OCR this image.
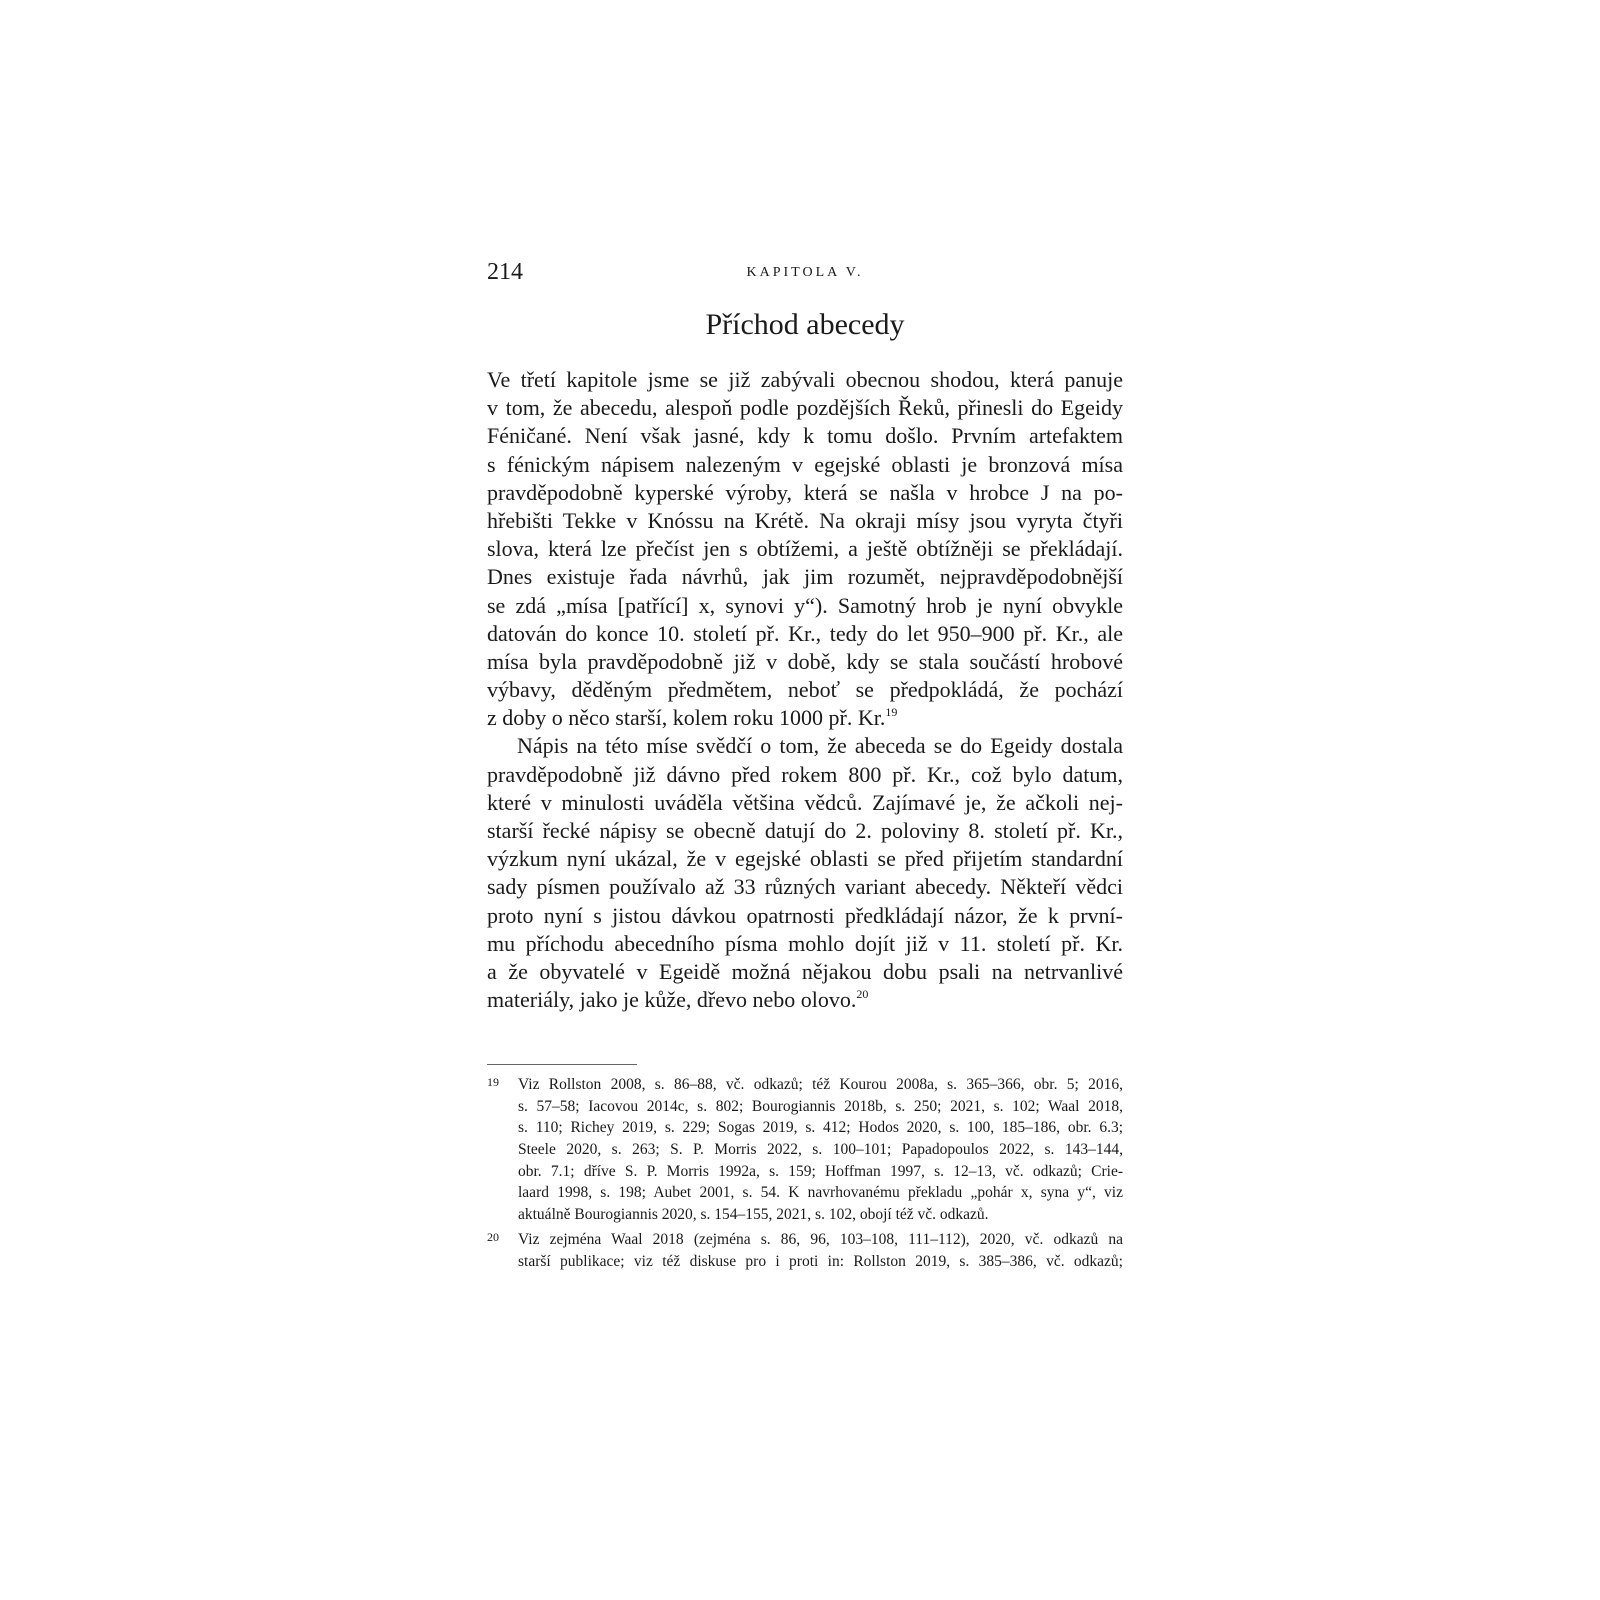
214	KAPITOLA V.
Příchod abecedy
Ve třetí kapitole jsme se již zabývali obecnou shodou, která panuje
v tom, že abecedu, alespoň podle pozdějších Řeků, přinesli do Egeidy
Féničané. Není však jasné, kdy k tomu došlo. Prvním artefaktem
s fénickým nápisem nalezeným v egejské oblasti je bronzová mísa
pravděpodobně kyperské výroby, která se našla v hrobce J na po-
hřebišti Tekke v Knóssu na Krétě. Na okraji mísy jsou vyryta čtyři
slova, která lze přečíst jen s obtížemi, a ještě obtížněji se překládají.
Dnes existuje řada návrhů, jak jim rozumět, nejpravděpodobnější
se zdá „mísa [patřící] x, synovi y“). Samotný hrob je nyní obvykle
datován do konce 10. století př. Kr., tedy do let 950–900 př. Kr., ale
mísa byla pravděpodobně již v době, kdy se stala součástí hrobové
výbavy, děděným předmětem, neboť se předpokládá, že pochází
z doby o něco starší, kolem roku 1000 př. Kr.$^{19}$
Nápis na této míse svědčí o tom, že abeceda se do Egeidy dostala
pravděpodobně již dávno před rokem 800 př. Kr., což bylo datum,
které v minulosti uváděla většina vědců. Zajímavé je, že ačkoli nej-
starší řecké nápisy se obecně datují do 2. poloviny 8. století př. Kr.,
výzkum nyní ukázal, že v egejské oblasti se před přijetím standardní
sady písmen používalo až 33 různých variant abecedy. Někteří vědci
proto nyní s jistou dávkou opatrnosti předkládají názor, že k první-
mu příchodu abecedního písma mohlo dojít již v 11. století př. Kr.
a že obyvatelé v Egeidě možná nějakou dobu psali na netrvanlivé
materiály, jako je kůže, dřevo nebo olovo.$^{20}$
19 Viz Rollston 2008, s. 86–88, vč. odkazů; též Kourou 2008a, s. 365–366, obr. 5; 2016,
s. 57–58; Iacovou 2014c, s. 802; Bourogiannis 2018b, s. 250; 2021, s. 102; Waal 2018,
s. 110; Richey 2019, s. 229; Sogas 2019, s. 412; Hodos 2020, s. 100, 185–186, obr. 6.3;
Steele 2020, s. 263; S. P. Morris 2022, s. 100–101; Papadopoulos 2022, s. 143–144,
obr. 7.1; dříve S. P. Morris 1992a, s. 159; Hoffman 1997, s. 12–13, vč. odkazů; Crie-
laard 1998, s. 198; Aubet 2001, s. 54. K navrhovanému překladu „pohár x, syna y“, viz
aktuálně Bourogiannis 2020, s. 154–155, 2021, s. 102, obojí též vč. odkazů.
20 Viz zejména Waal 2018 (zejména s. 86, 96, 103–108, 111–112), 2020, vč. odkazů na
starší publikace; viz též diskuse pro i proti in: Rollston 2019, s. 385–386, vč. odkazů;
